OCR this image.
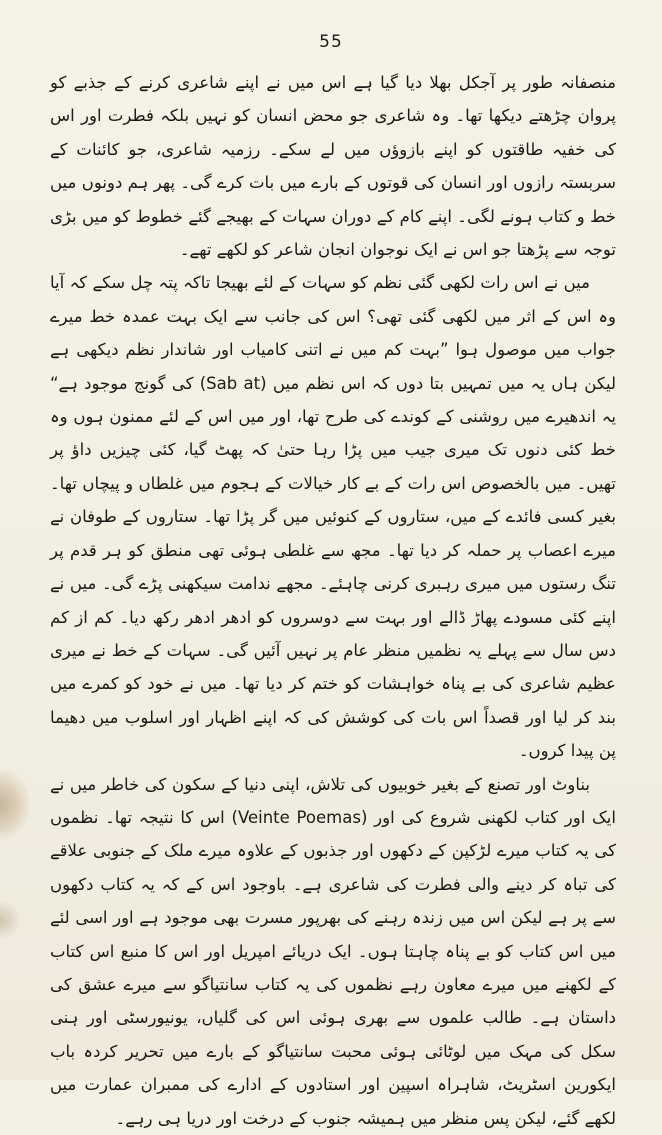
55

منصفانہ طور پر آجکل بھلا دیا گیا ہے اس میں نے اپنے شاعری کرنے کے جذبے کو پروان چڑھتے دیکھا تھا۔ وہ شاعری جو محض انسان کو نہیں بلکہ فطرت اور اس کی خفیہ طاقتوں کو اپنے بازوؤں میں لے سکے۔ رزمیہ شاعری، جو کائنات کے سربستہ رازوں اور انسان کی قوتوں کے بارے میں بات کرے گی۔ پھر ہم دونوں میں خط و کتاب ہونے لگی۔ اپنے کام کے دوران سہات کے بھیجے گئے خطوط کو میں بڑی توجہ سے پڑھتا جو اس نے ایک نوجوان انجان شاعر کو لکھے تھے۔

میں نے اس رات لکھی گئی نظم کو سہات کے لئے بھیجا تاکہ پتہ چل سکے کہ آیا وہ اس کے اثر میں لکھی گئی تھی؟ اس کی جانب سے ایک بہت عمدہ خط میرے جواب میں موصول ہوا ”بہت کم میں نے اتنی کامیاب اور شاندار نظم دیکھی ہے لیکن ہاں یہ میں تمہیں بتا دوں کہ اس نظم میں (Sab at) کی گونج موجود ہے“ یہ اندھیرے میں روشنی کے کوندے کی طرح تھا، اور میں اس کے لئے ممنون ہوں وہ خط کئی دنوں تک میری جیب میں پڑا رہا حتیٰ کہ پھٹ گیا، کئی چیزیں داؤ پر تھیں۔ میں بالخصوص اس رات کے بے کار خیالات کے ہجوم میں غلطاں و پیچاں تھا۔ بغیر کسی فائدے کے میں، ستاروں کے کنوئیں میں گر پڑا تھا۔ ستاروں کے طوفان نے میرے اعصاب پر حملہ کر دیا تھا۔ مجھ سے غلطی ہوئی تھی منطق کو ہر قدم پر تنگ رستوں میں میری رہبری کرنی چاہئے۔ مجھے ندامت سیکھنی پڑے گی۔ میں نے اپنے کئی مسودے پھاڑ ڈالے اور بہت سے دوسروں کو ادھر ادھر رکھ دیا۔ کم از کم دس سال سے پہلے یہ نظمیں منظر عام پر نہیں آئیں گی۔ سہات کے خط نے میری عظیم شاعری کی بے پناہ خواہشات کو ختم کر دیا تھا۔ میں نے خود کو کمرے میں بند کر لیا اور قصداً اس بات کی کوشش کی کہ اپنے اظہار اور اسلوب میں دھیما پن پیدا کروں۔

بناوٹ اور تصنع کے بغیر خوبیوں کی تلاش، اپنی دنیا کے سکون کی خاطر میں نے ایک اور کتاب لکھنی شروع کی اور (Veinte Poemas) اس کا نتیجہ تھا۔ نظموں کی یہ کتاب میرے لڑکپن کے دکھوں اور جذبوں کے علاوہ میرے ملک کے جنوبی علاقے کی تباہ کر دینے والی فطرت کی شاعری ہے۔ باوجود اس کے کہ یہ کتاب دکھوں سے پر ہے لیکن اس میں زندہ رہنے کی بھرپور مسرت بھی موجود ہے اور اسی لئے میں اس کتاب کو بے پناہ چاہتا ہوں۔ ایک دریائے امپریل اور اس کا منبع اس کتاب کے لکھنے میں میرے معاون رہے نظموں کی یہ کتاب سانتیاگو سے میرے عشق کی داستان ہے۔ طالب علموں سے بھری ہوئی اس کی گلیاں، یونیورسٹی اور ہنی سکل کی مہک میں لوٹائی ہوئی محبت سانتیاگو کے بارے میں تحریر کردہ باب ایکورین اسٹریٹ، شاہراہ اسپین اور استادوں کے ادارے کی ممبران عمارت میں لکھے گئے، لیکن پس منظر میں ہمیشہ جنوب کے درخت اور دریا ہی رہے۔
